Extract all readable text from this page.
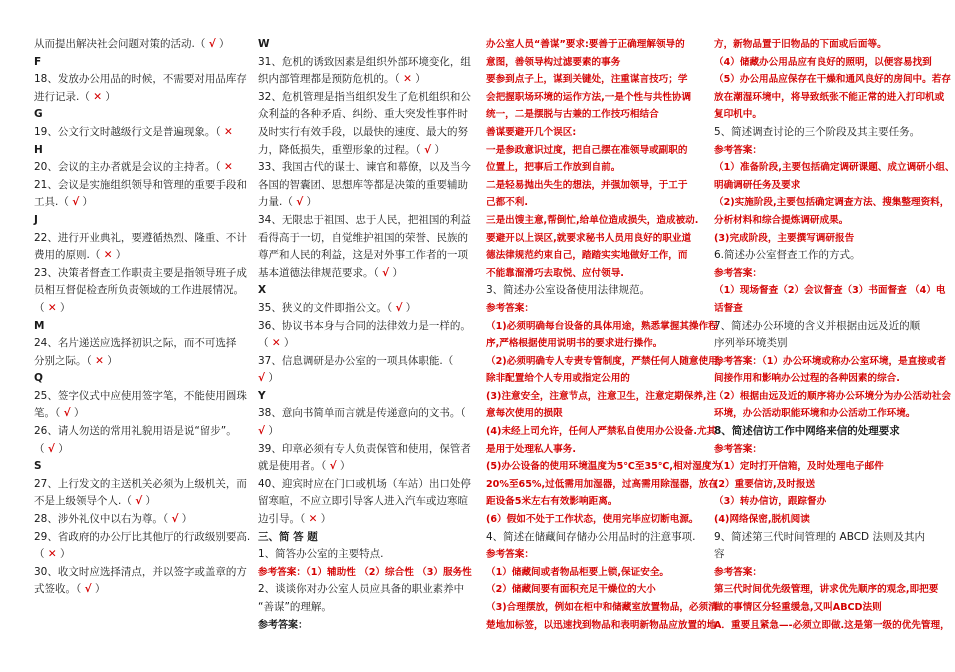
从而提出解决社会问题对策的活动.（ √ ）
F
18、发放办公用品的时候，不需要对用品库存
进行记录.（ ✕ ）
G
19、公文行文时越级行文是普遍现象。（ ✕
H
20、会议的主办者就是会议的主持者。（ ✕
21、会议是实施组织领导和管理的重要手段和
工具.（ √ ）
J
22、进行开业典礼，要遵循热烈、隆重、不计
费用的原则.（ ✕ ）
23、决策者督查工作职责主要是指领导班子成
员相互督促检查所负责领域的工作进展情况。
（ ✕ ）
M
24、名片递送应选择初识之际，而不可选择
分别之际。（ ✕ ）
Q
25、签字仪式中应使用签字笔，不能使用圆珠
笔。（ √ ）
26、请人勿送的常用礼貌用语是说“留步”。
（ √ ）
S
27、上行发文的主送机关必须为上级机关，而
不是上级领导个人.（ √ ）
28、涉外礼仪中以右为尊。（ √ ）
29、省政府的办公厅比其他厅的行政级别要高.
（ ✕ ）
30、收文时应选择清点，并以签字或盖章的方
式签收。（ √ ）
W
31、危机的诱致因素是组织外部环境变化，组
织内部管理都是预防危机的。（ ✕ ）
32、危机管理是指当组织发生了危机组织和公
众利益的各种矛盾、纠纷、重大突发性事件时
及时实行有效手段，以最快的速度、最大的努
力，降低损失，重塑形象的过程。（ √ ）
33、我国古代的谋士、谏官和幕僚，以及当今
各国的智囊团、思想库等都是决策的重要辅助
力量.（ √ ）
34、无限忠于祖国、忠于人民，把祖国的利益
看得高于一切，自觉维护祖国的荣誉、民族的
尊严和人民的利益，这是对外事工作者的一项
基本道德法律规范要求。（ √ ）
X
35、狭义的文件即指公文。（ √ ）
36、协议书本身与合同的法律效力是一样的。
（ ✕ ）
37、信息调研是办公室的一项具体职能.（
√ ）
Y
38、意向书简单而言就是传递意向的文书。（
√ ）
39、印章必须有专人负责保管和使用，保管者
就是使用者。（ √ ）
40、迎宾时应在门口或机场（车站）出口处停
留寒暄，不应立即引导客人进入汽车或边寒暄
边引导。（ ✕ ）
三、简 答 题
1、简答办公室的主要特点.
参考答案：（1）辅助性 （2）综合性 （3）服务性
2、谈谈你对办公室人员应具备的职业素养中
“善谋”的理解。
参考答案：
办公室人员“善谋”要求:要善于正确理解领导的
意图，善领导构过滤要素的事务
要参到点子上，谋到关键处，注重谋言技巧；学
会把握职场环境的运作方法,一是个性与共性协调
统一，二是摆脱与古兼的工作技巧相结合
善谋要避开几个误区:
一是参政意识过度，把自己摆在准领导或副职的
位置上，把事后工作放到自前。
二是轻易抛出失生的想法，并强加领导，于工于
己都不利.
三是出馊主意,帮倒忙,给单位造成损失，造成被动.
要避开以上误区,就要求秘书人员用良好的职业道
德法律规范约束自己，踏踏实实地做好工作，而
不能靠溜滑巧去取悦、应付领导.
3、简述办公室设备使用法律规范。
参考答案：
（1)必须明确每台设备的具体用途，熟悉掌握其操作程
序,严格根据使用说明书的要求进行操作。
（2)必须明确专人专责专管制度，严禁任何人随意使用，
除非配置给个人专用或指定公用的
(3)注意安全，注意节点，注意卫生，注意定期保养,注
意每次使用的损限
(4)未经上司允许，任何人严禁私自使用办公设备.尤其
是用于处理私人事务.
(5)办公设备的使用环境温度为5℃至35℃,相对湿度为
20%至65%,过低需用加湿器，过高需用除湿器，放在
距设备5米左右有效影响距离。
(6）假如不处于工作状态，使用完毕应切断电源。
4、简述在储藏间存储办公用品时的注意事项.
参考答案：
（1）储藏间或者物品柜要上锁,保证安全。
（2）储藏间要有面积充足干燥位的大小
（3)合理摆放，例如在柜中和储藏室放置物品，必须清
楚地加标签，以迅速找到物品和表明新物品应放置的地
方，新物品置于旧物品的下面或后面等。
（4）储藏办公用品应有良好的照明，以便容易找到
（5）办公用品应保存在干燥和通风良好的房间中。若存
放在潮湿环境中，将导致纸张不能正常的进入打印机或
复印机中。
5、简述调查讨论的三个阶段及其主要任务。
参考答案：
（1）准备阶段,主要包括确定调研课题、成立调研小组、
明确调研任务及要求
（2)实施阶段,主要包括确定调查方法、搜集整理资料，
分析材料和综合提炼调研成果。
(3)完成阶段，主要撰写调研报告
6.简述办公室督查工作的方式。
参考答案：
（1）现场督查（2）会议督查（3）书面督查 （4）电
话督查
7、简述办公环境的含义并根据由远及近的顺
序列举环境类别
参考答案：（1）办公环境或称办公室环境，是直接或者
间接作用和影响办公过程的各种因素的综合.
（2）根据由远及近的顺序将办公环境分为办公活动社会
环境，办公活动职能环境和办公活动工作环境。
8、简述信访工作中网络来信的处理要求
参考答案：
（1）定时打开信箱，及时处理电子邮件
(2）重要信访,及时报送
（3）转办信访，跟踪督办
(4)网络保密,脱机阅读
9、简述第三代时间管理的 ABCD 法则及其内
容
参考答案：
第三代时间优先级管理，讲求优先顺序的观念,即把要
做的事情区分轻重缓急,又叫ABCD法则
A．重要且紧急—-必须立即做.这是第一级的优先管理，
